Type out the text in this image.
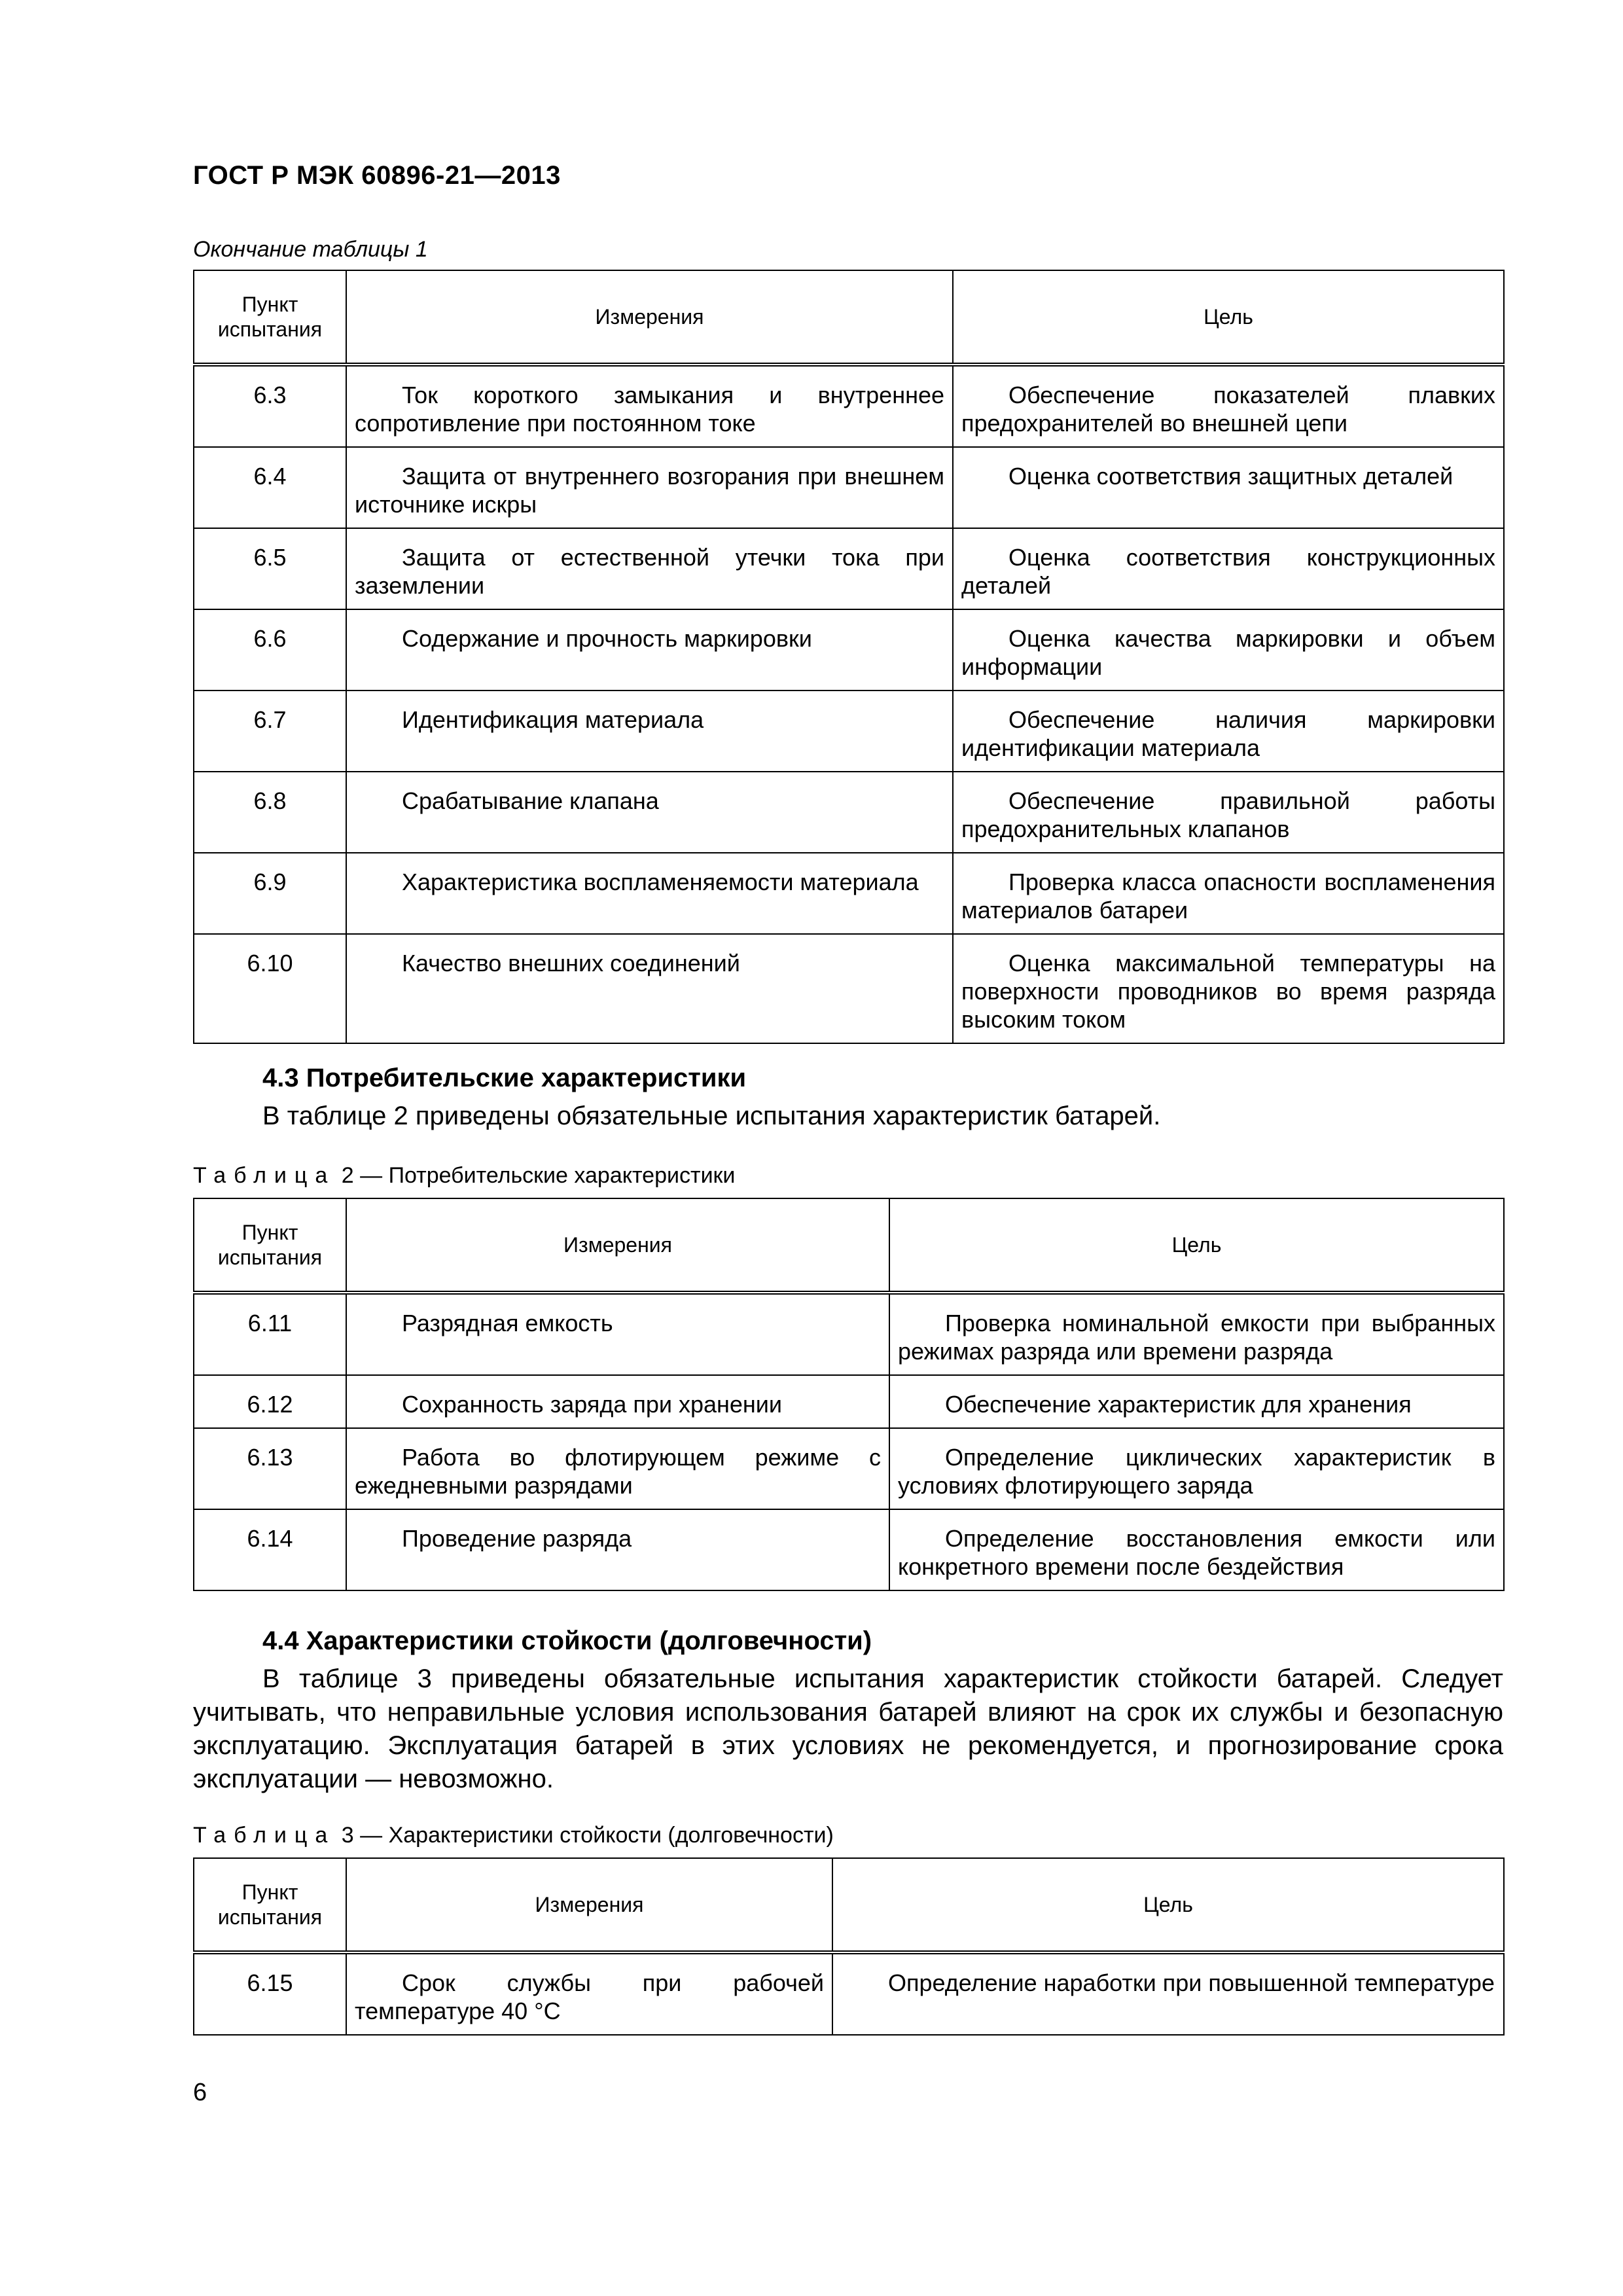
ГОСТ Р МЭК 60896-21—2013
Окончание таблицы 1
Пункт испытания	Измерения	Цель
6.3	Ток короткого замыкания и внутреннее сопротивление при постоянном токе	Обеспечение показателей плавких предохранителей во внешней цепи
6.4	Защита от внутреннего возгорания при внешнем источнике искры	Оценка соответствия защитных деталей
6.5	Защита от естественной утечки тока при заземлении	Оценка соответствия конструкционных деталей
6.6	Содержание и прочность маркировки	Оценка качества маркировки и объем информации
6.7	Идентификация материала	Обеспечение наличия маркировки идентификации материала
6.8	Срабатывание клапана	Обеспечение правильной работы предохранительных клапанов
6.9	Характеристика воспламеняемости материала	Проверка класса опасности воспламенения материалов батареи
6.10	Качество внешних соединений	Оценка максимальной температуры на поверхности проводников во время разряда высоким током
4.3 Потребительские характеристики
В таблице 2 приведены обязательные испытания характеристик батарей.
Таблица 2 — Потребительские характеристики
Пункт испытания	Измерения	Цель
6.11	Разрядная емкость	Проверка номинальной емкости при выбранных режимах разряда или времени разряда
6.12	Сохранность заряда при хранении	Обеспечение характеристик для хранения
6.13	Работа во флотирующем режиме с ежедневными разрядами	Определение циклических характеристик в условиях флотирующего заряда
6.14	Проведение разряда	Определение восстановления емкости или конкретного времени после бездействия
4.4 Характеристики стойкости (долговечности)
В таблице 3 приведены обязательные испытания характеристик стойкости батарей. Следует учитывать, что неправильные условия использования батарей влияют на срок их службы и безопасную эксплуатацию. Эксплуатация батарей в этих условиях не рекомендуется, и прогнозирование срока эксплуатации — невозможно.
Таблица 3 — Характеристики стойкости (долговечности)
Пункт испытания	Измерения	Цель
6.15	Срок службы при рабочей температуре 40 °C	Определение наработки при повышенной температуре
6
